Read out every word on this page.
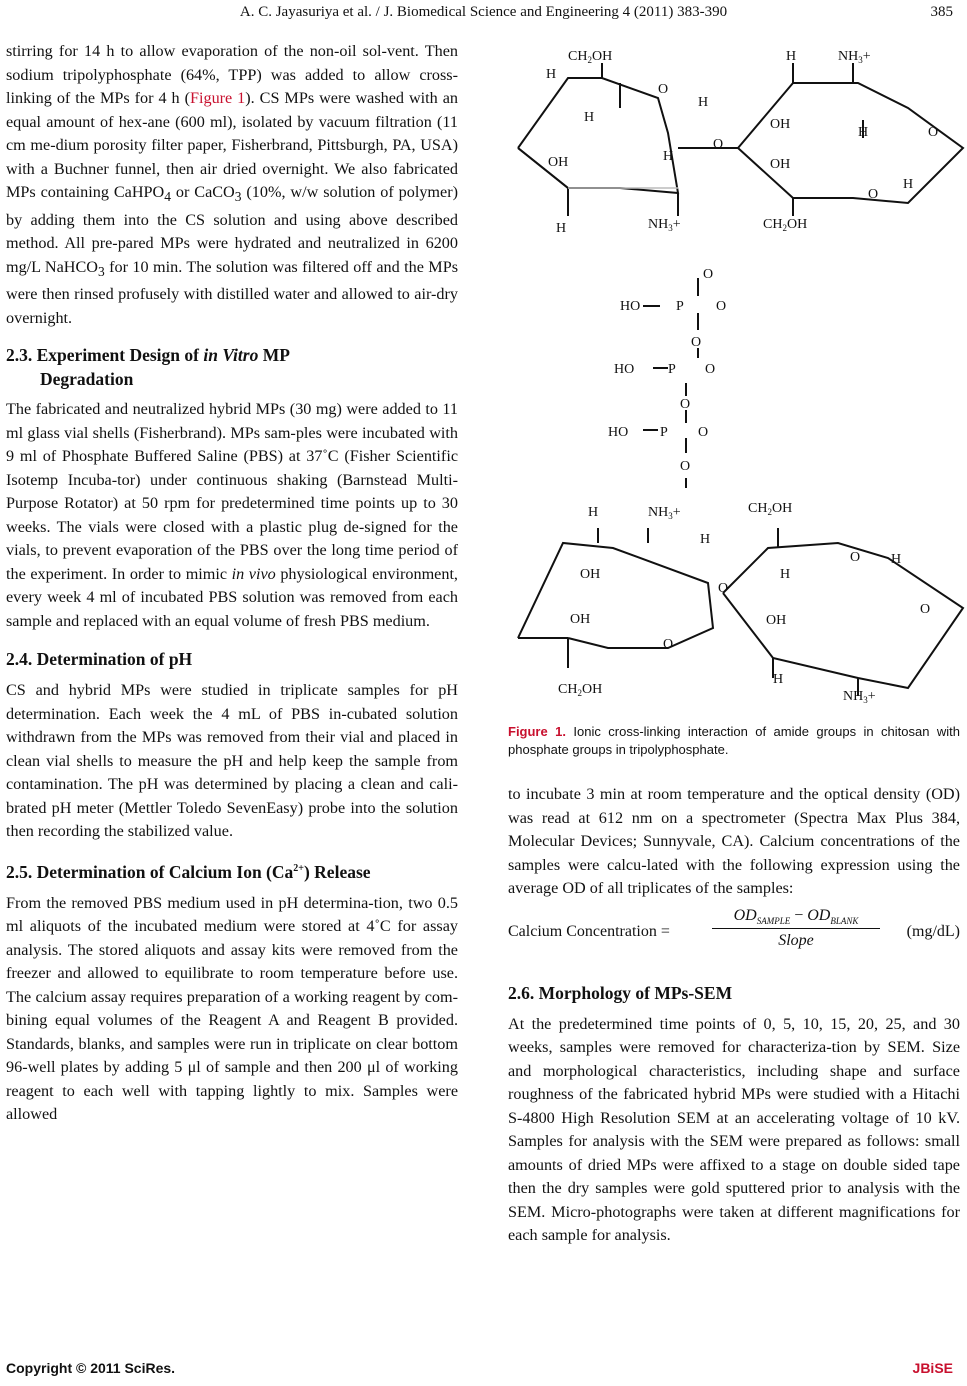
A. C. Jayasuriya et al. / J. Biomedical Science and Engineering 4 (2011) 383-390	385

stirring for 14 h to allow evaporation of the non-oil sol-vent. Then sodium tripolyphosphate (64%, TPP) was added to allow cross-linking of the MPs for 4 h (Figure 1). CS MPs were washed with an equal amount of hex-ane (600 ml), isolated by vacuum filtration (11 cm me-dium porosity filter paper, Fisherbrand, Pittsburgh, PA, USA) with a Buchner funnel, then air dried overnight. We also fabricated MPs containing CaHPO$_4$ or CaCO$_3$ (10%, w/w solution of polymer) by adding them into the CS solution and using above described method. All pre-pared MPs were hydrated and neutralized in 6200 mg/L NaHCO$_3$ for 10 min. The solution was filtered off and the MPs were then rinsed profusely with distilled water and allowed to air-dry overnight.

2.3. Experiment Design of in Vitro MP
Degradation

The fabricated and neutralized hybrid MPs (30 mg) were added to 11 ml glass vial shells (Fisherbrand). MPs sam-ples were incubated with 9 ml of Phosphate Buffered Saline (PBS) at 37˚C (Fisher Scientific Isotemp Incuba-tor) under continuous shaking (Barnstead Multi-Purpose Rotator) at 50 rpm for predetermined time points up to 30 weeks. The vials were closed with a plastic plug de-signed for the vials, to prevent evaporation of the PBS over the long time period of the experiment. In order to mimic in vivo physiological environment, every week 4 ml of incubated PBS solution was removed from each sample and replaced with an equal volume of fresh PBS medium.

2.4. Determination of pH

CS and hybrid MPs were studied in triplicate samples for pH determination. Each week the 4 mL of PBS in-cubated solution withdrawn from the MPs was removed from their vial and placed in clean vial shells to measure the pH and help keep the sample from contamination. The pH was determined by placing a clean and cali-brated pH meter (Mettler Toledo SevenEasy) probe into the solution then recording the stabilized value.

2.5. Determination of Calcium Ion $(Ca^{2+})$ Release

From the removed PBS medium used in pH determina-tion, two 0.5 ml aliquots of the incubated medium were stored at 4˚C for assay analysis. The stored aliquots and assay kits were removed from the freezer and allowed to equilibrate to room temperature before use. The calcium assay requires preparation of a working reagent by com-bining equal volumes of the Reagent A and Reagent B provided. Standards, blanks, and samples were run in triplicate on clear bottom 96-well plates by adding 5 μl of sample and then 200 μl of working reagent to each well with tapping lightly to mix. Samples were allowed

$CH_2OH$
H
O
H
H
O
H
OH
H	$NH_3+$
H	$NH_3+$
OH
H	O
OH
H
O
$CH_2OH$
O
HO	P O
O
HO P O
O
HO P O
O
H	$NH_3+$
H
OH
O
OH
O
$CH_2OH$
$CH_2OH$
O H
H
O
OH
H
$NH_3+$
Figure 1. Ionic cross-linking interaction of amide groups in chitosan with phosphate groups in tripolyphosphate.

to incubate 3 min at room temperature and the optical density (OD) was read at 612 nm on a spectrometer (Spectra Max Plus 384, Molecular Devices; Sunnyvale, CA). Calcium concentrations of the samples were calcu-lated with the following expression using the average OD of all triplicates of the samples:

Calcium Concentration =
$OD_{SAMPLE} - OD_{BLANK}$
Slope
(mg/dL)
2.6. Morphology of MPs-SEM

At the predetermined time points of 0, 5, 10, 15, 20, 25, and 30 weeks, samples were removed for characteriza-tion by SEM. Size and morphological characteristics, including shape and surface roughness of the fabricated hybrid MPs were studied with a Hitachi S-4800 High Resolution SEM at an accelerating voltage of 10 kV. Samples for analysis with the SEM were prepared as follows: small amounts of dried MPs were affixed to a stage on double sided tape then the dry samples were gold sputtered prior to analysis with the SEM. Micro-photographs were taken at different magnifications for each sample for analysis.

Copyright © 2011 SciRes.	JBiSE
